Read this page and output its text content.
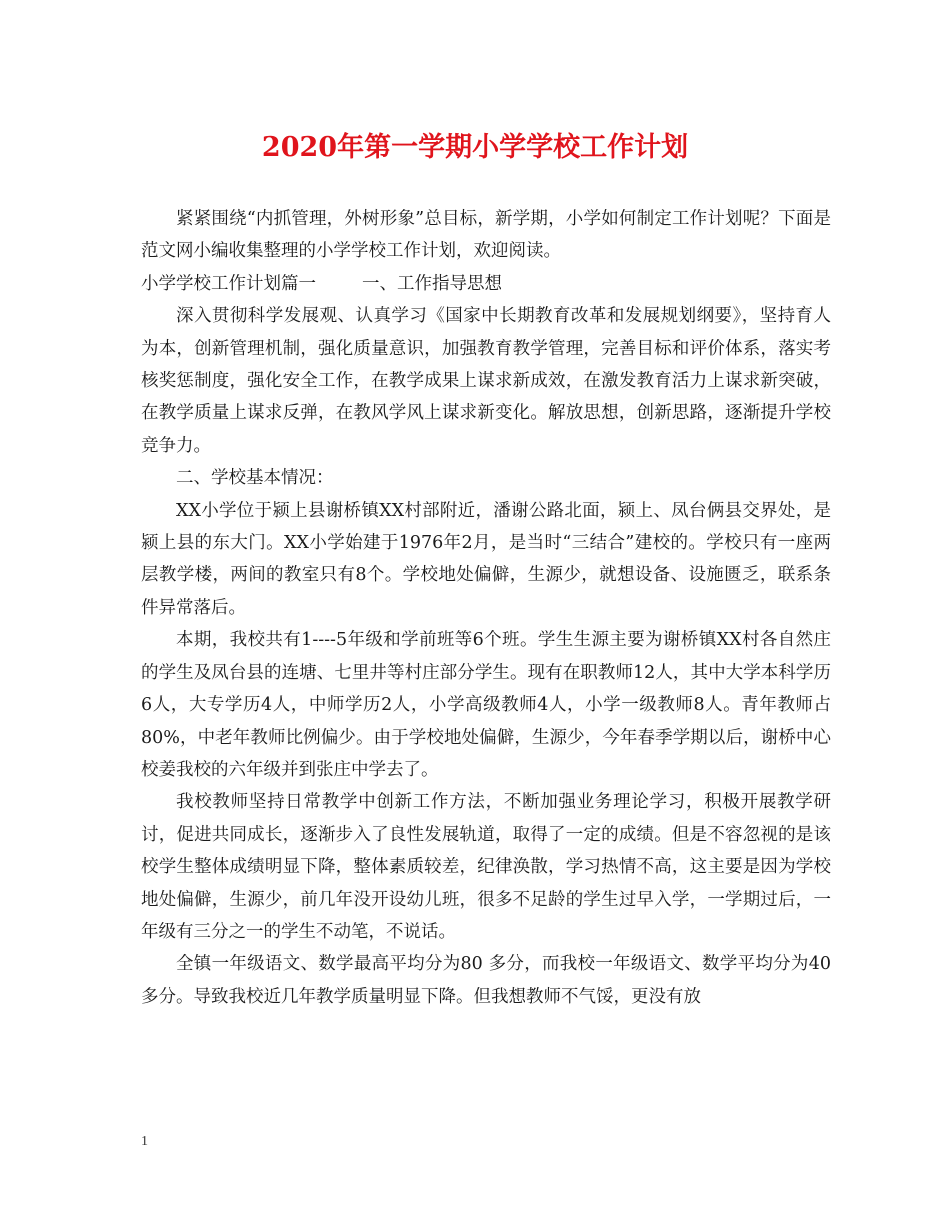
2020年第一学期小学学校工作计划

紧紧围绕“内抓管理，外树形象”总目标，新学期，小学如何制定工作计划呢？下面是范文网小编收集整理的小学学校工作计划，欢迎阅读。

小学学校工作计划篇一	一、工作指导思想

深入贯彻科学发展观、认真学习《国家中长期教育改革和发展规划纲要》，坚持育人为本，创新管理机制，强化质量意识，加强教育教学管理，完善目标和评价体系，落实考核奖惩制度，强化安全工作，在教学成果上谋求新成效，在激发教育活力上谋求新突破，在教学质量上谋求反弹，在教风学风上谋求新变化。解放思想，创新思路，逐渐提升学校竞争力。

二、学校基本情况：

XX小学位于颍上县谢桥镇XX村部附近，潘谢公路北面，颍上、凤台俩县交界处，是颍上县的东大门。XX小学始建于1976年2月，是当时“三结合”建校的。学校只有一座两层教学楼，两间的教室只有8个。学校地处偏僻，生源少，就想设备、设施匮乏，联系条件异常落后。

本期，我校共有1----5年级和学前班等6个班。学生生源主要为谢桥镇XX村各自然庄的学生及凤台县的连塘、七里井等村庄部分学生。现有在职教师12人，其中大学本科学历6人，大专学历4人，中师学历2人，小学高级教师4人，小学一级教师8人。青年教师占80%，中老年教师比例偏少。由于学校地处偏僻，生源少，今年春季学期以后，谢桥中心校姜我校的六年级并到张庄中学去了。

我校教师坚持日常教学中创新工作方法，不断加强业务理论学习，积极开展教学研讨，促进共同成长，逐渐步入了良性发展轨道，取得了一定的成绩。但是不容忽视的是该校学生整体成绩明显下降，整体素质较差，纪律涣散，学习热情不高，这主要是因为学校地处偏僻，生源少，前几年没开设幼儿班，很多不足龄的学生过早入学，一学期过后，一年级有三分之一的学生不动笔，不说话。

全镇一年级语文、数学最高平均分为80 多分，而我校一年级语文、数学平均分为40 多分。导致我校近几年教学质量明显下降。但我想教师不气馁，更没有放

1
